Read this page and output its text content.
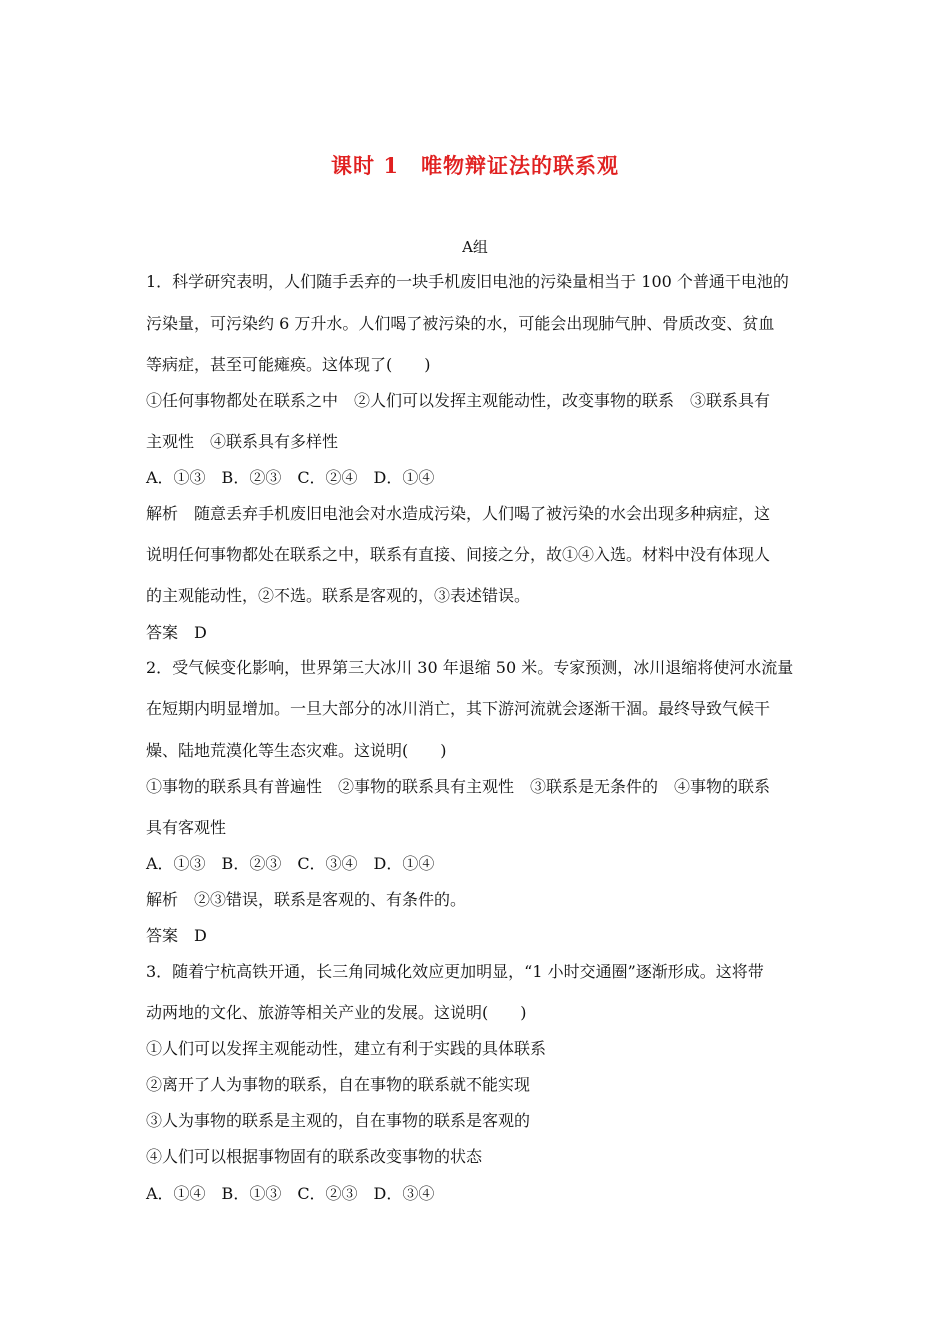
课时 1　唯物辩证法的联系观
A组
1．科学研究表明，人们随手丢弃的一块手机废旧电池的污染量相当于 100 个普通干电池的
污染量，可污染约 6 万升水。人们喝了被污染的水，可能会出现肺气肿、骨质改变、贫血
等病症，甚至可能瘫痪。这体现了(　　)
①任何事物都处在联系之中　②人们可以发挥主观能动性，改变事物的联系　③联系具有
主观性　④联系具有多样性
A．①③　B．②③　C．②④　D．①④
解析　随意丢弃手机废旧电池会对水造成污染，人们喝了被污染的水会出现多种病症，这
说明任何事物都处在联系之中，联系有直接、间接之分，故①④入选。材料中没有体现人
的主观能动性，②不选。联系是客观的，③表述错误。
答案　D
2．受气候变化影响，世界第三大冰川 30 年退缩 50 米。专家预测，冰川退缩将使河水流量
在短期内明显增加。一旦大部分的冰川消亡，其下游河流就会逐渐干涸。最终导致气候干
燥、陆地荒漠化等生态灾难。这说明(　　)
①事物的联系具有普遍性　②事物的联系具有主观性　③联系是无条件的　④事物的联系
具有客观性
A．①③　B．②③　C．③④　D．①④
解析　②③错误，联系是客观的、有条件的。
答案　D
3．随着宁杭高铁开通，长三角同城化效应更加明显，“1 小时交通圈”逐渐形成。这将带
动两地的文化、旅游等相关产业的发展。这说明(　　)
①人们可以发挥主观能动性，建立有利于实践的具体联系
②离开了人为事物的联系，自在事物的联系就不能实现
③人为事物的联系是主观的，自在事物的联系是客观的
④人们可以根据事物固有的联系改变事物的状态
A．①④　B．①③　C．②③　D．③④
